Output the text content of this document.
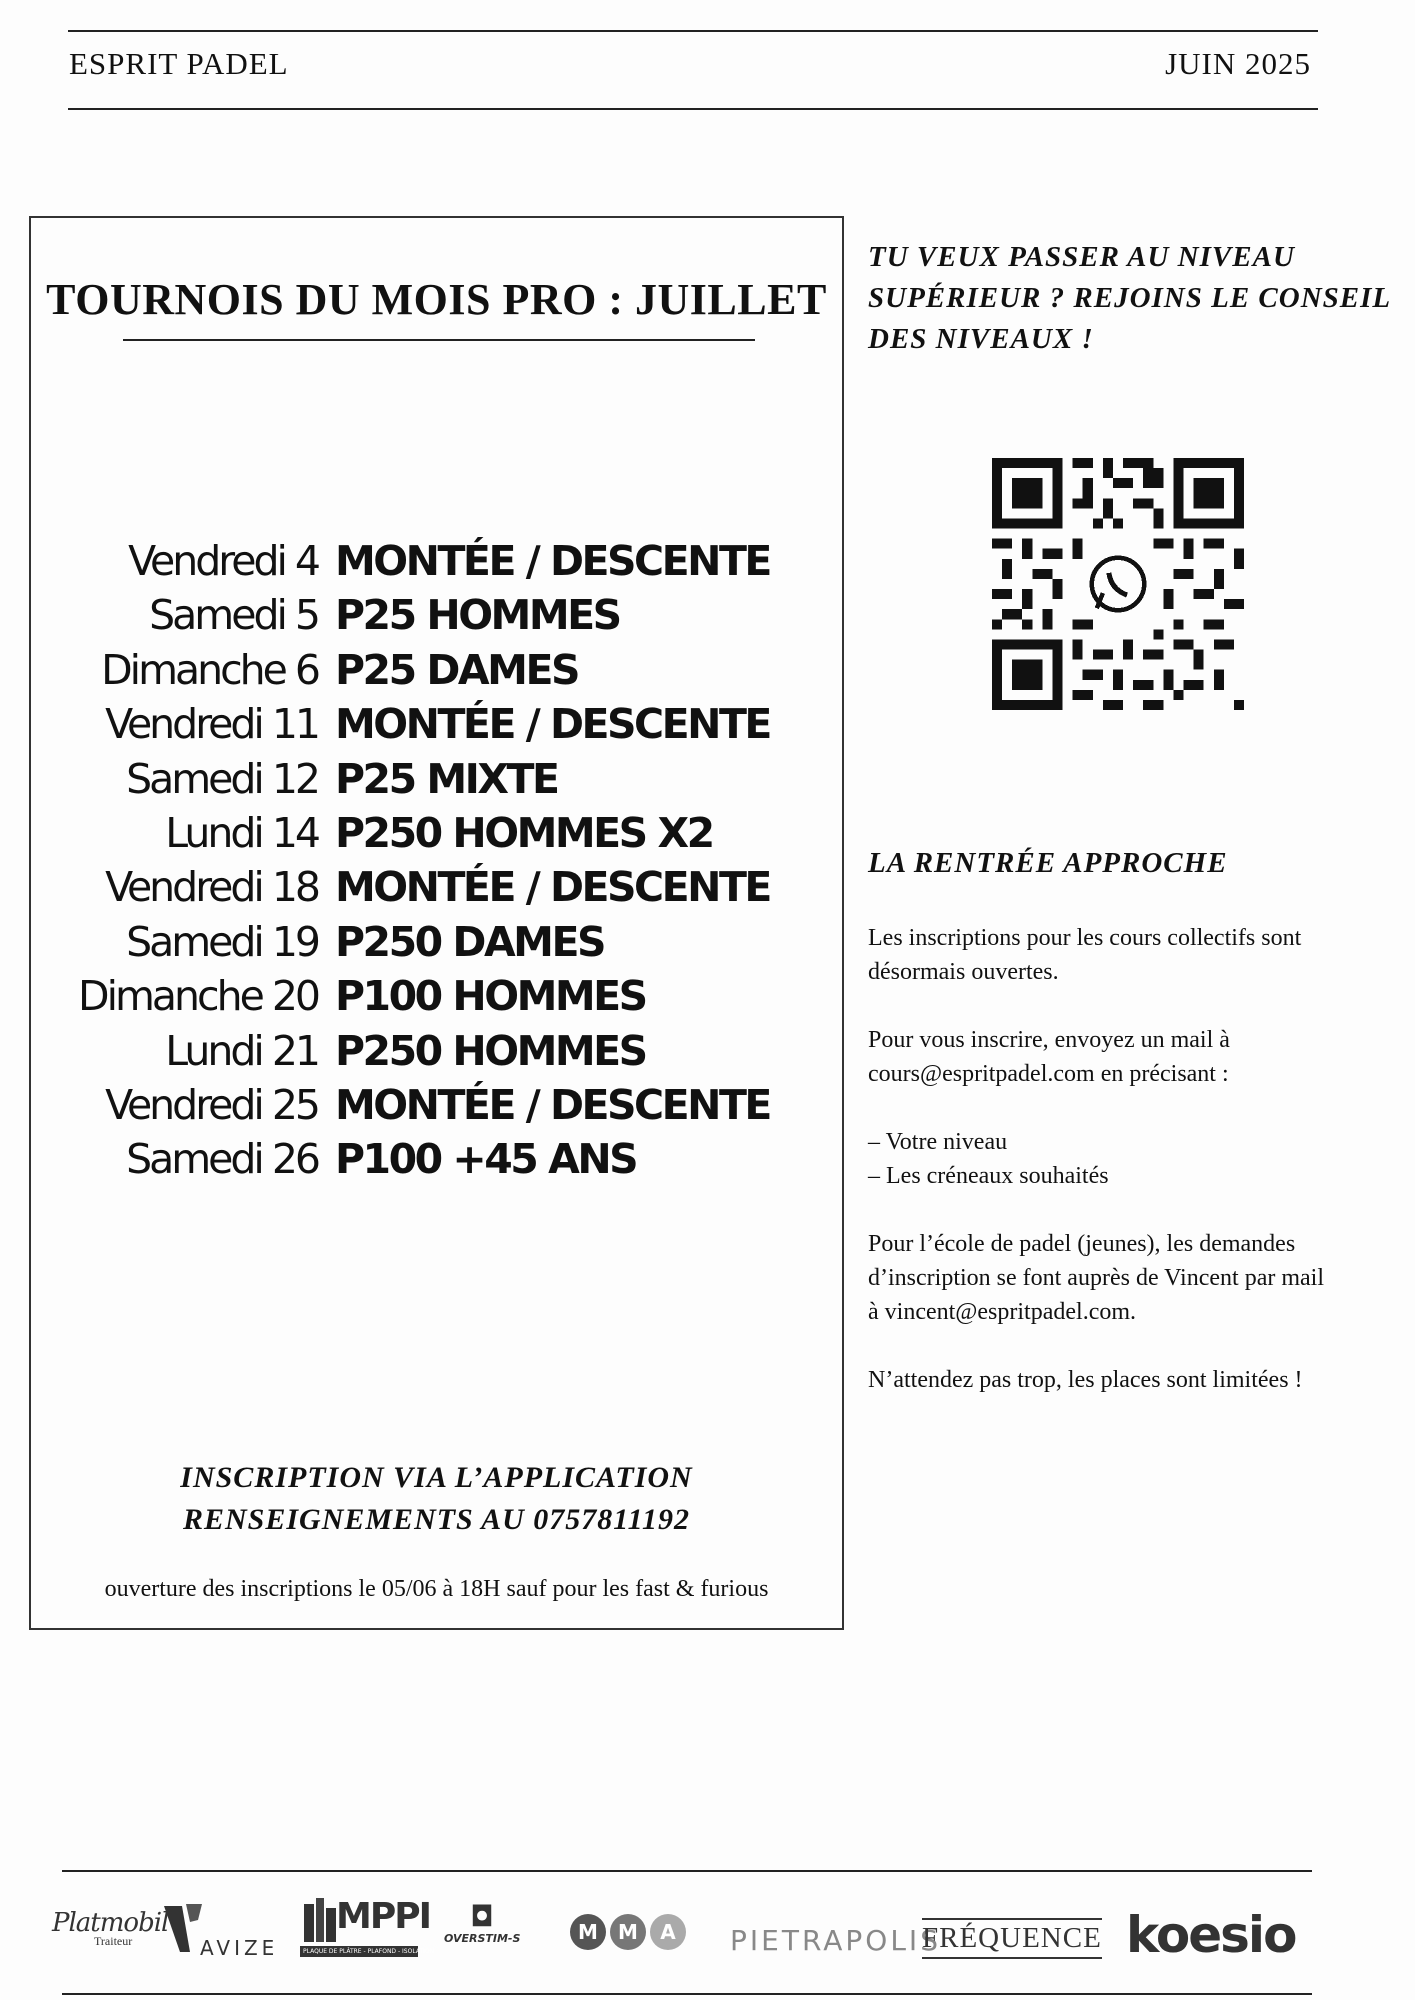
ESPRIT PADEL	JUIN 2025
TOURNOIS DU MOIS PRO : JUILLET
Vendredi 4 MONTÉE / DESCENTE
Samedi 5 P25 HOMMES
Dimanche 6 P25 DAMES
Vendredi 11 MONTÉE / DESCENTE
Samedi 12 P25 MIXTE
Lundi 14 P250 HOMMES X2
Vendredi 18 MONTÉE / DESCENTE
Samedi 19 P250 DAMES
Dimanche 20 P100 HOMMES
Lundi 21 P250 HOMMES
Vendredi 25 MONTÉE / DESCENTE
Samedi 26 P100 +45 ANS
INSCRIPTION VIA L’APPLICATION
RENSEIGNEMENTS AU 0757811192
ouverture des inscriptions le 05/06 à 18H sauf pour les fast & furious
TU VEUX PASSER AU NIVEAU
SUPÉRIEUR ? REJOINS LE CONSEIL
DES NIVEAUX !
LA RENTRÉE APPROCHE
Les inscriptions pour les cours collectifs sont
désormais ouvertes.
Pour vous inscrire, envoyez un mail à
cours@espritpadel.com en précisant :
– Votre niveau
– Les créneaux souhaités
Pour l’école de padel (jeunes), les demandes
d’inscription se font auprès de Vincent par mail
à vincent@espritpadel.com.
N’attendez pas trop, les places sont limitées !
Platmobil
Traiteur	AVIZE
MPPI
PLAQUE DE PLÂTRE - PLAFOND - ISOLATION
◘
OVERSTIM-S	M M A	PIETRAPOLIS
FRÉQUENCE koesio
